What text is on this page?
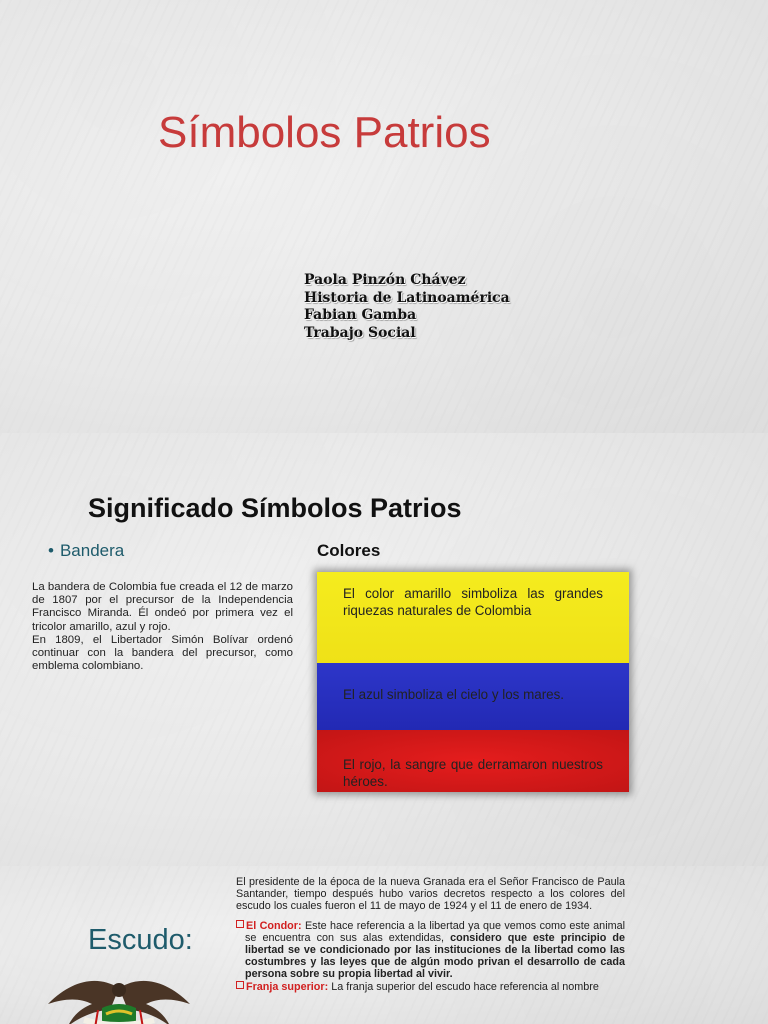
Símbolos Patrios
Paola Pinzón Chávez
Historia de Latinoamérica
Fabian Gamba
Trabajo Social
Significado Símbolos Patrios
• Bandera	Colores

La bandera de Colombia fue creada el 12 de marzo de 1807 por el precursor de la Independencia Francisco Miranda. Él ondeó por primera vez el tricolor amarillo, azul y rojo.

En 1809, el Libertador Simón Bolívar ordenó continuar con la bandera del precursor, como emblema colombiano.

El color amarillo simboliza las grandes riquezas naturales de Colombia
El azul simboliza el cielo y los mares.
El rojo, la sangre que derramaron nuestros héroes.
Escudo:

El presidente de la época de la nueva Granada era el Señor Francisco de Paula Santander, tiempo después hubo varios decretos respecto a los colores del escudo los cuales fueron el 11 de mayo de 1924 y el 11 de enero de 1934.

El Condor: Este hace referencia a la libertad ya que vemos como este animal se encuentra con sus alas extendidas, considero que este principio de libertad se ve condicionado por las instituciones de la libertad como las costumbres y las leyes que de algún modo privan el desarrollo de cada persona sobre su propia libertad al vivir.

Franja superior: La franja superior del escudo hace referencia al nombre
